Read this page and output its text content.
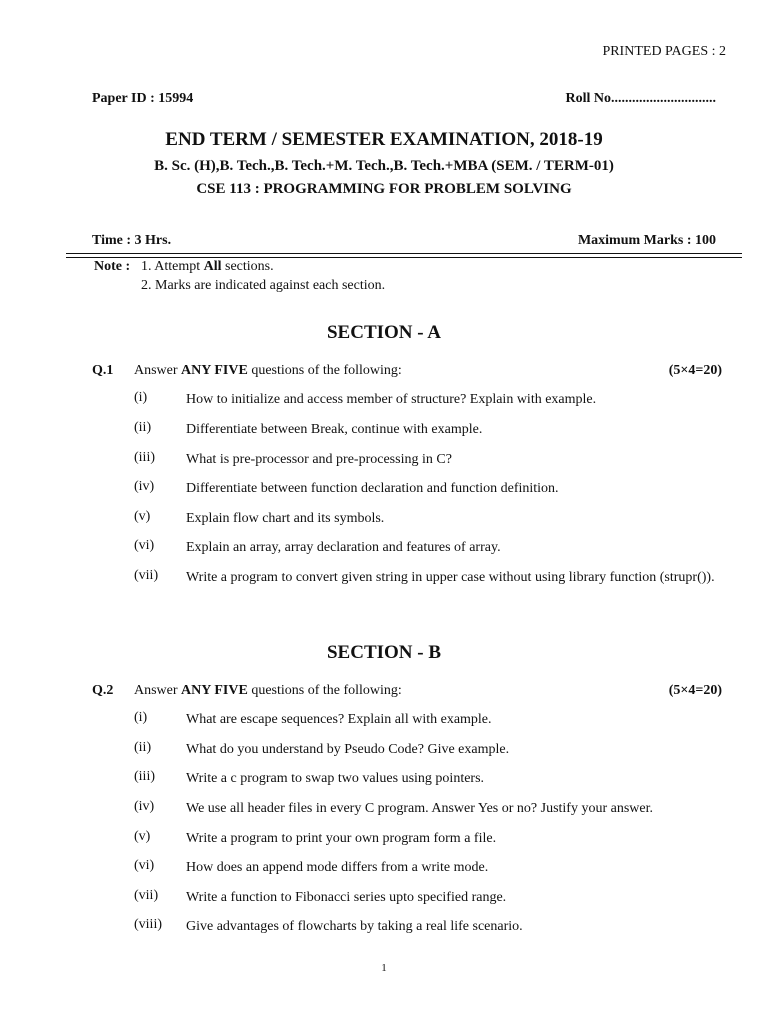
PRINTED PAGES : 2
Paper ID : 15994	Roll No..............................
END TERM / SEMESTER EXAMINATION, 2018-19
B. Sc. (H),B. Tech.,B. Tech.+M. Tech.,B. Tech.+MBA (SEM. / TERM-01)
CSE 113 : PROGRAMMING FOR PROBLEM SOLVING
Time : 3 Hrs.	Maximum Marks : 100
Note : 1. Attempt All sections.
2. Marks are indicated against each section.
SECTION - A
Q.1 Answer ANY FIVE questions of the following:	(5×4=20)
(i)	How to initialize and access member of structure? Explain with example.
(ii) Differentiate between Break, continue with example.
(iii) What is pre-processor and pre-processing in C?
(iv) Differentiate between function declaration and function definition.
(v)	Explain flow chart and its symbols.
(vi) Explain an array, array declaration and features of array.
(vii) Write a program to convert given string in upper case without using library function (strupr()).
SECTION - B
Q.2 Answer ANY FIVE questions of the following:	(5×4=20)
(i)	What are escape sequences? Explain all with example.
(ii) What do you understand by Pseudo Code? Give example.
(iii) Write a c program to swap two values using pointers.
(iv) We use all header files in every C program. Answer Yes or no? Justify your answer.
(v)	Write a program to print your own program form a file.
(vi) How does an append mode differs from a write mode.
(vii) Write a function to Fibonacci series upto specified range.
(viii) Give advantages of flowcharts by taking a real life scenario.
1
